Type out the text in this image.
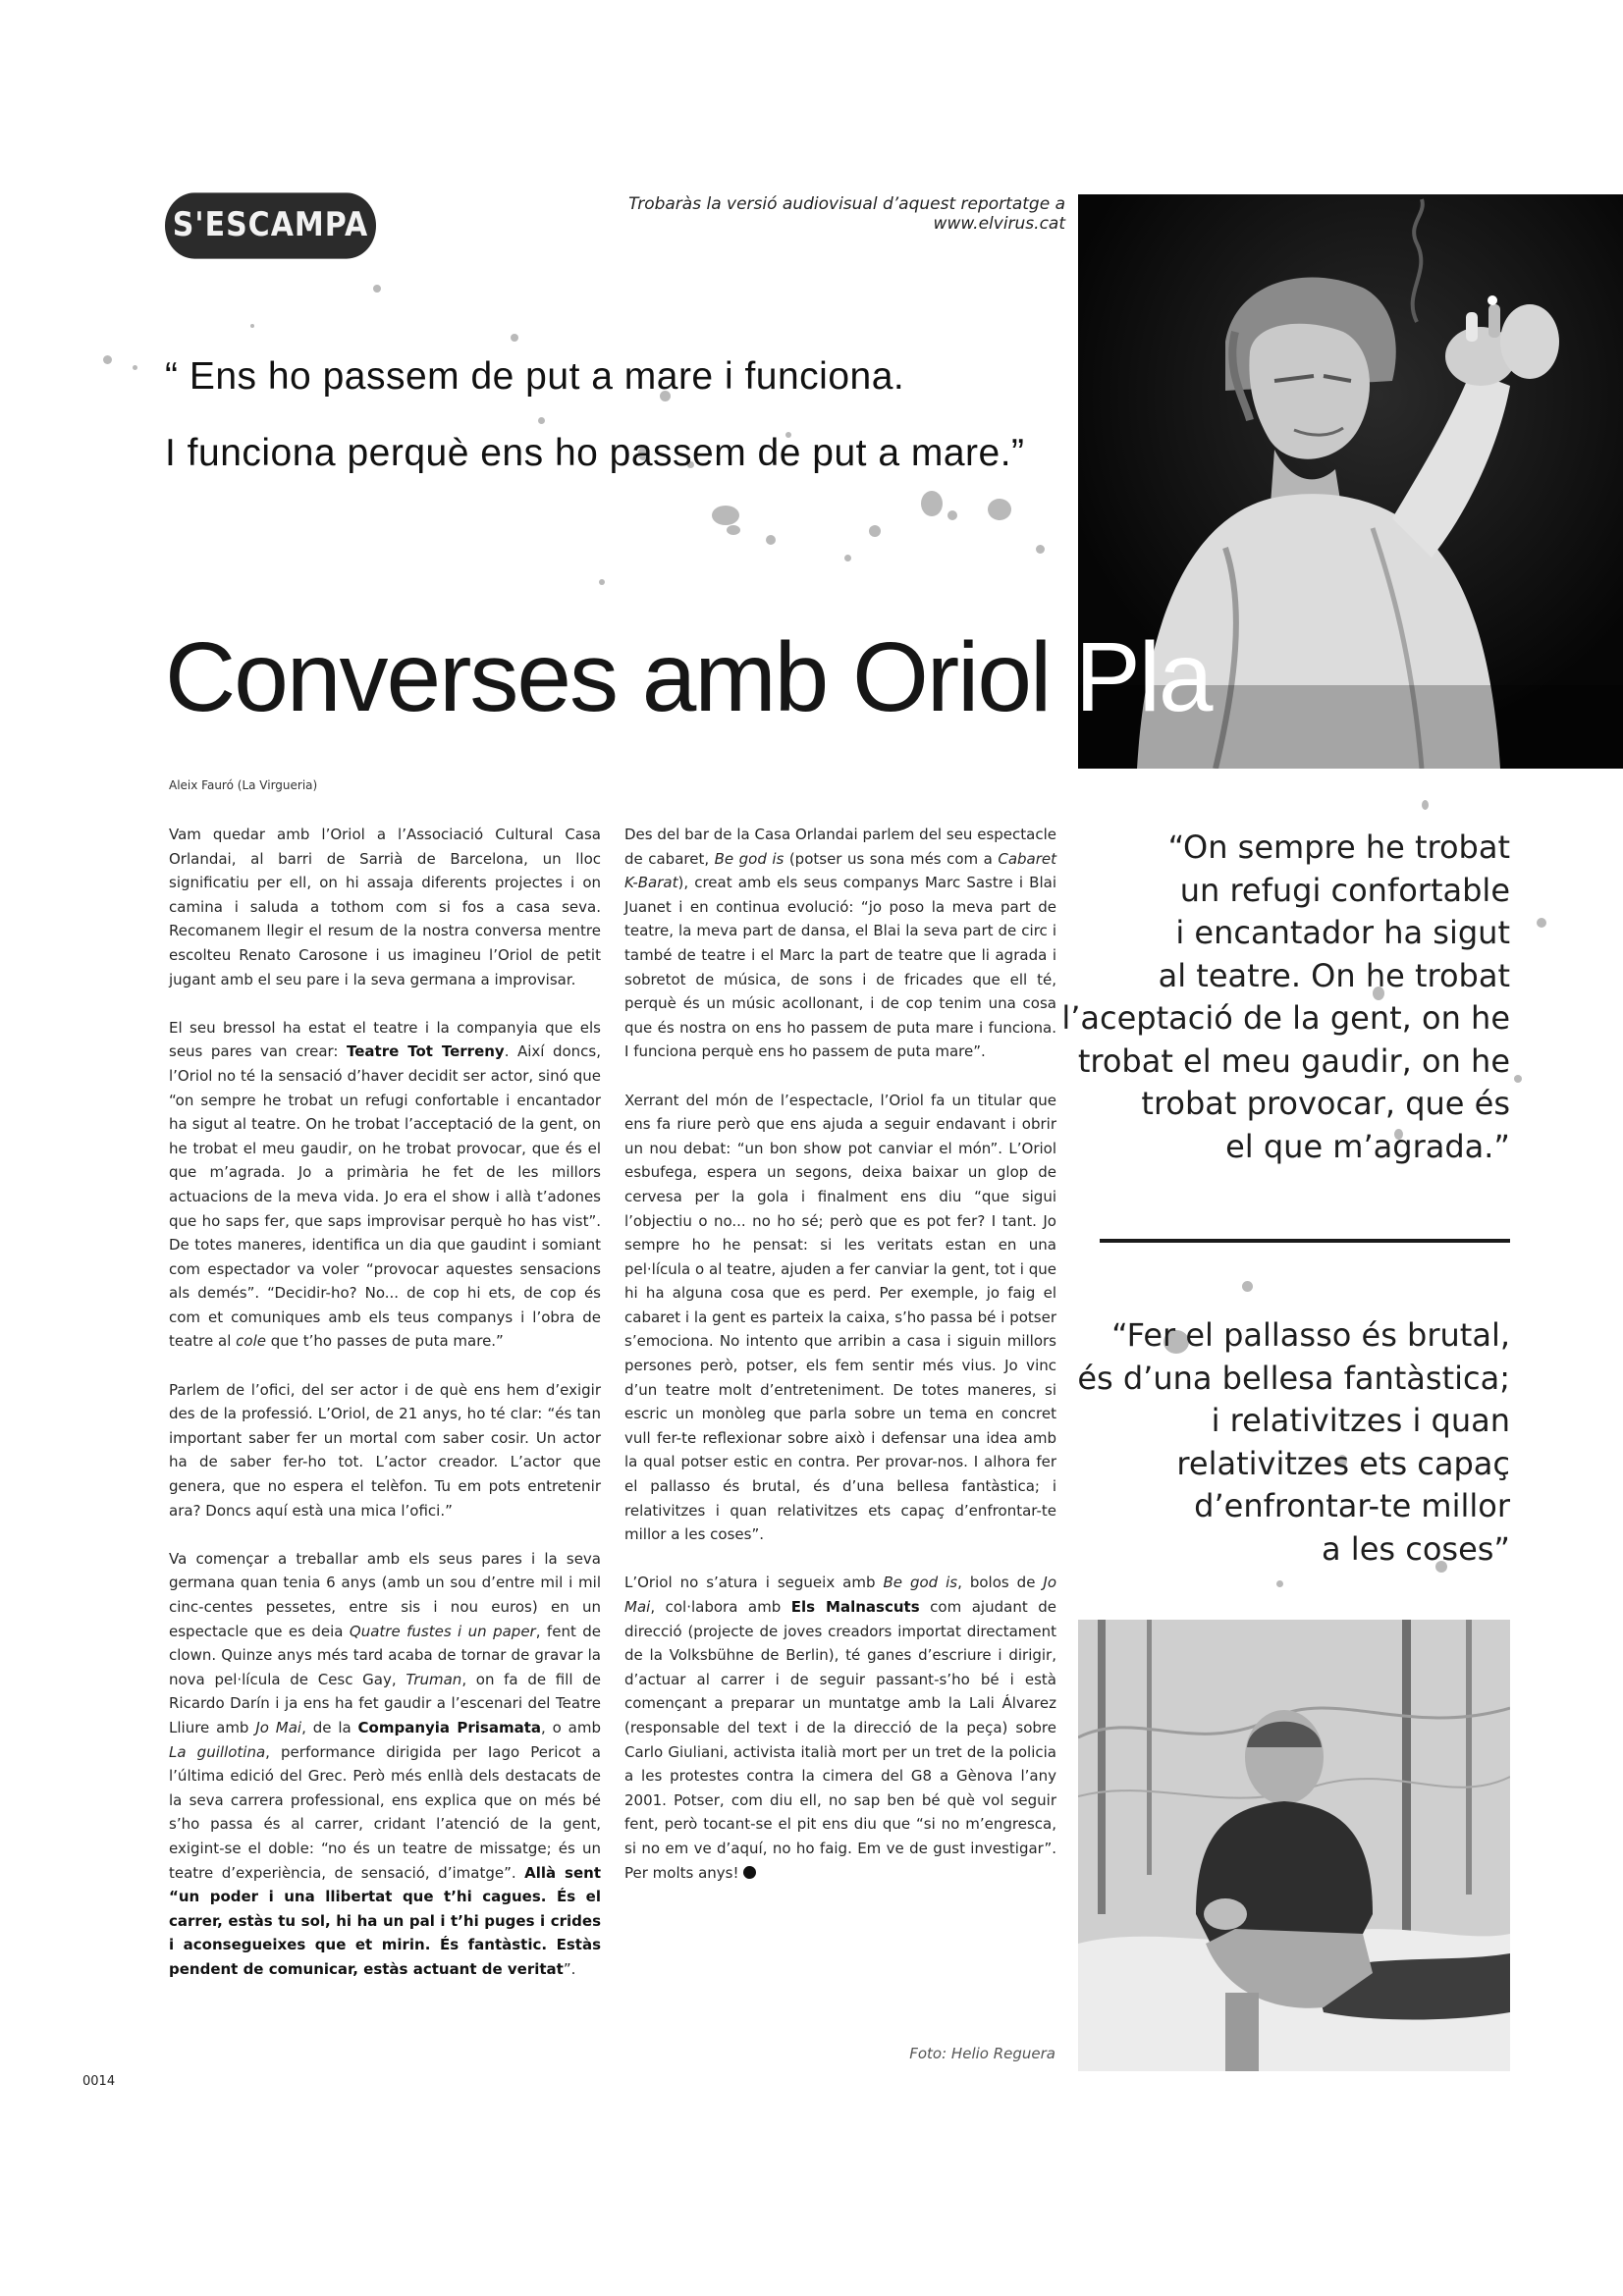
S'ESCAMPA
Trobaràs la versió audiovisual d’aquest reportatge a www.elvirus.cat

“ Ens ho passem de put a mare i funciona.

I funciona perquè ens ho passem de put a mare.”

Converses amb Oriol Pla
Aleix Fauró (La Virgueria)

Vam quedar amb l’Oriol a l’Associació Cultural Casa Orlandai, al barri de Sarrià de Barcelona, un lloc significatiu per ell, on hi assaja diferents projectes i on camina i saluda a tothom com si fos a casa seva. Recomanem llegir el resum de la nostra conversa mentre escolteu Renato Carosone i us imagineu l’Oriol de petit jugant amb el seu pare i la seva germana a improvisar.

El seu bressol ha estat el teatre i la companyia que els seus pares van crear: Teatre Tot Terreny. Així doncs, l’Oriol no té la sensació d’haver decidit ser actor, sinó que “on sempre he trobat un refugi confortable i encantador ha sigut al teatre. On he trobat l’acceptació de la gent, on he trobat el meu gaudir, on he trobat provocar, que és el que m’agrada. Jo a primària he fet de les millors actuacions de la meva vida. Jo era el show i allà t’adones que ho saps fer, que saps improvisar perquè ho has vist”. De totes maneres, identifica un dia que gaudint i somiant com espectador va voler “provocar aquestes sensacions als demés”. “Decidir-ho? No... de cop hi ets, de cop és com et comuniques amb els teus companys i l’obra de teatre al cole que t’ho passes de puta mare.”

Parlem de l’ofici, del ser actor i de què ens hem d’exigir des de la professió. L’Oriol, de 21 anys, ho té clar: “és tan important saber fer un mortal com saber cosir. Un actor ha de saber fer-ho tot. L’actor creador. L’actor que genera, que no espera el telèfon. Tu em pots entretenir ara? Doncs aquí està una mica l’ofici.”

Va començar a treballar amb els seus pares i la seva germana quan tenia 6 anys (amb un sou d’entre mil i mil cinc-centes pessetes, entre sis i nou euros) en un espectacle que es deia Quatre fustes i un paper, fent de clown. Quinze anys més tard acaba de tornar de gravar la nova pel·lícula de Cesc Gay, Truman, on fa de fill de Ricardo Darín i ja ens ha fet gaudir a l’escenari del Teatre Lliure amb Jo Mai, de la Companyia Prisamata, o amb La guillotina, performance dirigida per Iago Pericot a l’última edició del Grec. Però més enllà dels destacats de la seva carrera professional, ens explica que on més bé s’ho passa és al carrer, cridant l’atenció de la gent, exigint-se el doble: “no és un teatre de missatge; és un teatre d’experiència, de sensació, d’imatge”. Allà sent “un poder i una llibertat que t’hi cagues. És el carrer, estàs tu sol, hi ha un pal i t’hi puges i crides i aconsegueixes que et mirin. És fantàstic. Estàs pendent de comunicar, estàs actuant de veritat”.

Des del bar de la Casa Orlandai parlem del seu espectacle de cabaret, Be god is (potser us sona més com a Cabaret K-Barat), creat amb els seus companys Marc Sastre i Blai Juanet i en continua evolució: “jo poso la meva part de teatre, la meva part de dansa, el Blai la seva part de circ i també de teatre i el Marc la part de teatre que li agrada i sobretot de música, de sons i de fricades que ell té, perquè és un músic acollonant, i de cop tenim una cosa que és nostra on ens ho passem de puta mare i funciona. I funciona perquè ens ho passem de puta mare”.

Xerrant del món de l’espectacle, l’Oriol fa un titular que ens fa riure però que ens ajuda a seguir endavant i obrir un nou debat: “un bon show pot canviar el món”. L’Oriol esbufega, espera un segons, deixa baixar un glop de cervesa per la gola i finalment ens diu “que sigui l’objectiu o no... no ho sé; però que es pot fer? I tant. Jo sempre ho he pensat: si les veritats estan en una pel·lícula o al teatre, ajuden a fer canviar la gent, tot i que hi ha alguna cosa que es perd. Per exemple, jo faig el cabaret i la gent es parteix la caixa, s’ho passa bé i potser s’emociona. No intento que arribin a casa i siguin millors persones però, potser, els fem sentir més vius. Jo vinc d’un teatre molt d’entreteniment. De totes maneres, si escric un monòleg que parla sobre un tema en concret vull fer-te reflexionar sobre això i defensar una idea amb la qual potser estic en contra. Per provar-nos. I alhora fer el pallasso és brutal, és d’una bellesa fantàstica; i relativitzes i quan relativitzes ets capaç d’enfrontar-te millor a les coses”.

L’Oriol no s’atura i segueix amb Be god is, bolos de Jo Mai, col·labora amb Els Malnascuts com ajudant de direcció (projecte de joves creadors importat directament de la Volksbühne de Berlin), té ganes d’escriure i dirigir, d’actuar al carrer i de seguir passant-s’ho bé i està començant a preparar un muntatge amb la Lali Álvarez (responsable del text i de la direcció de la peça) sobre Carlo Giuliani, activista italià mort per un tret de la policia a les protestes contra la cimera del G8 a Gènova l’any 2001. Potser, com diu ell, no sap ben bé què vol seguir fent, però tocant-se el pit ens diu que “si no m’engresca, si no em ve d’aquí, no ho faig. Em ve de gust investigar”. Per molts anys!

“On sempre he trobat
un refugi confortable
i encantador ha sigut
al teatre. On he trobat
l’aceptació de la gent, on he
trobat el meu gaudir, on he
trobat provocar, que és
el que m’agrada.”
“Fer el pallasso és brutal,
és d’una bellesa fantàstica;
i relativitzes i quan
relativitzes ets capaç
d’enfrontar-te millor
a les coses”
Foto: Helio Reguera
0014
